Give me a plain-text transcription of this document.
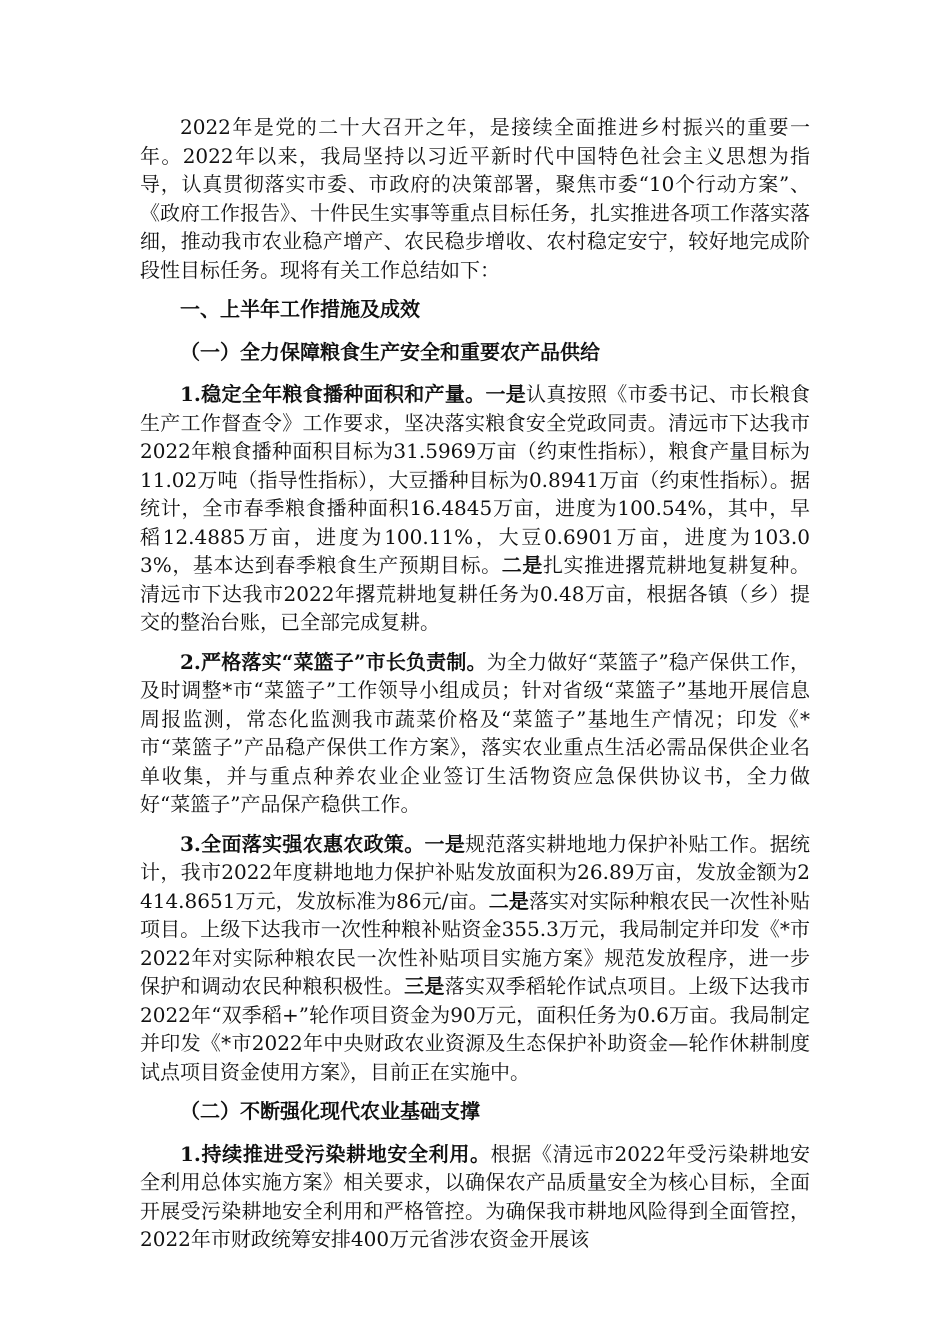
2022年是党的二十大召开之年，是接续全面推进乡村振兴的重要一年。2022年以来，我局坚持以习近平新时代中国特色社会主义思想为指导，认真贯彻落实市委、市政府的决策部署，聚焦市委“10个行动方案”、《政府工作报告》、十件民生实事等重点目标任务，扎实推进各项工作落实落细，推动我市农业稳产增产、农民稳步增收、农村稳定安宁，较好地完成阶段性目标任务。现将有关工作总结如下：

一、上半年工作措施及成效

（一）全力保障粮食生产安全和重要农产品供给

1.稳定全年粮食播种面积和产量。一是认真按照《市委书记、市长粮食生产工作督查令》工作要求，坚决落实粮食安全党政同责。清远市下达我市2022年粮食播种面积目标为31.5969万亩（约束性指标），粮食产量目标为11.02万吨（指导性指标），大豆播种目标为0.8941万亩（约束性指标）。据统计，全市春季粮食播种面积16.4845万亩，进度为100.54%，其中，早稻12.4885万亩，进度为100.11%，大豆0.6901万亩，进度为103.03%，基本达到春季粮食生产预期目标。二是扎实推进撂荒耕地复耕复种。清远市下达我市2022年撂荒耕地复耕任务为0.48万亩，根据各镇（乡）提交的整治台账，已全部完成复耕。

2.严格落实“菜篮子”市长负责制。为全力做好“菜篮子”稳产保供工作，及时调整*市“菜篮子”工作领导小组成员；针对省级“菜篮子”基地开展信息周报监测，常态化监测我市蔬菜价格及“菜篮子”基地生产情况；印发《*市“菜篮子”产品稳产保供工作方案》，落实农业重点生活必需品保供企业名单收集，并与重点种养农业企业签订生活物资应急保供协议书，全力做好“菜篮子”产品保产稳供工作。

3.全面落实强农惠农政策。一是规范落实耕地地力保护补贴工作。据统计，我市2022年度耕地地力保护补贴发放面积为26.89万亩，发放金额为2414.8651万元，发放标准为86元/亩。二是落实对实际种粮农民一次性补贴项目。上级下达我市一次性种粮补贴资金355.3万元，我局制定并印发《*市2022年对实际种粮农民一次性补贴项目实施方案》规范发放程序，进一步保护和调动农民种粮积极性。三是落实双季稻轮作试点项目。上级下达我市2022年“双季稻+”轮作项目资金为90万元，面积任务为0.6万亩。我局制定并印发《*市2022年中央财政农业资源及生态保护补助资金—轮作休耕制度试点项目资金使用方案》，目前正在实施中。

（二）不断强化现代农业基础支撑

1.持续推进受污染耕地安全利用。根据《清远市2022年受污染耕地安全利用总体实施方案》相关要求，以确保农产品质量安全为核心目标，全面开展受污染耕地安全利用和严格管控。为确保我市耕地风险得到全面管控，2022年市财政统筹安排400万元省涉农资金开展该
